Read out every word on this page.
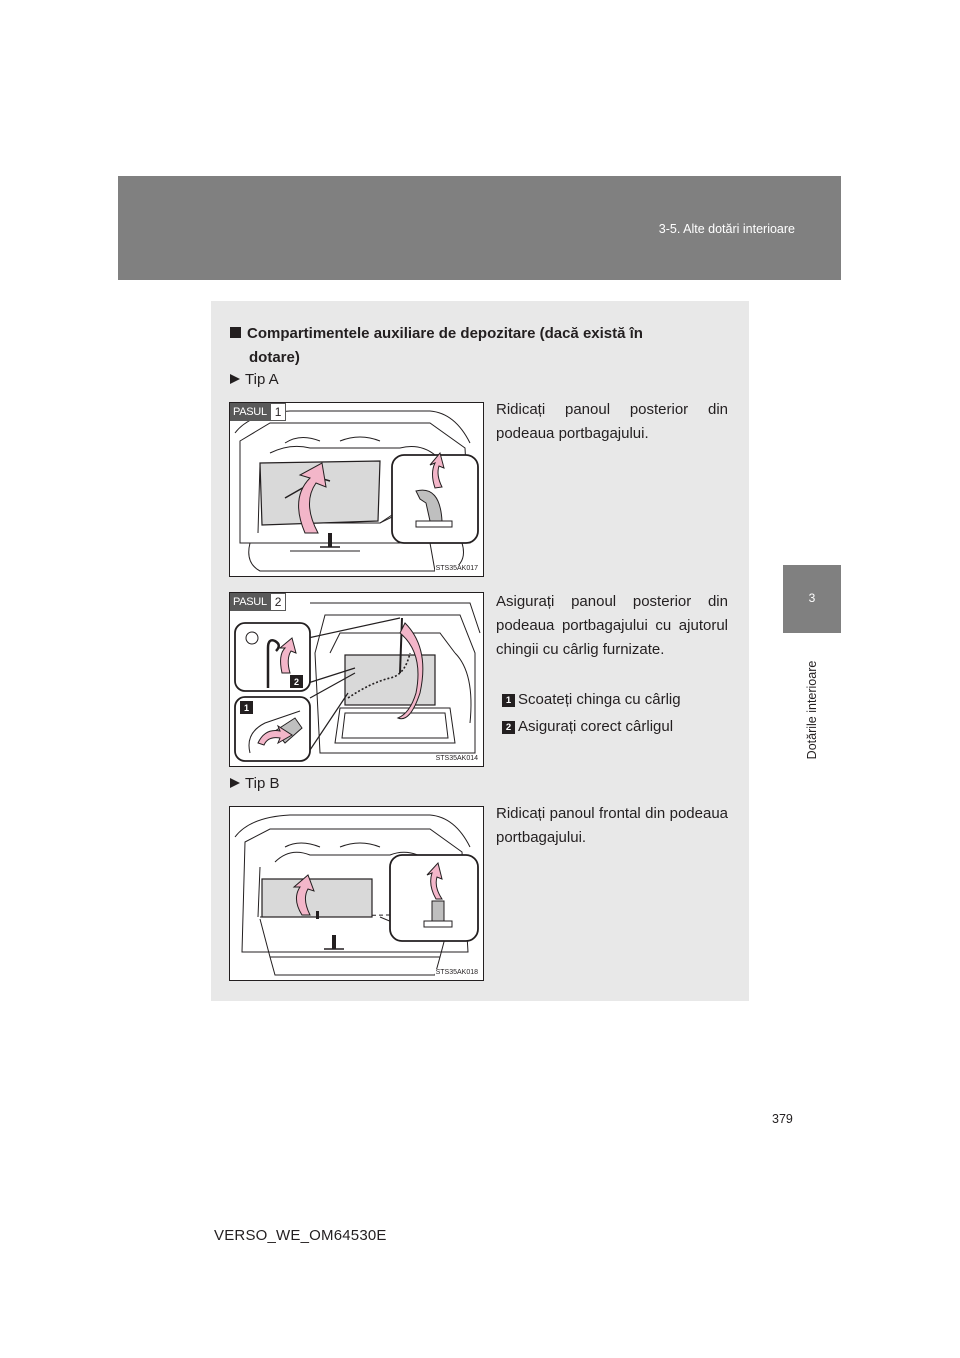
3-5. Alte dotări interioare
3
Dotările interioare
Compartimentele auxiliare de depozitare (dacă există în
dotare)
Tip A
PASUL 1
STS35AK017
Ridicați panoul posterior din podeaua portbagajului.
2
1
PASUL 2
STS35AK014
Asigurați panoul posterior din podeaua portbagajului cu ajutorul chingii cu cârlig furnizate.
1 Scoateți chinga cu cârlig
2 Asigurați corect cârligul
Tip B
STS35AK018
Ridicați panoul frontal din podeaua portbagajului.
379
VERSO_WE_OM64530E
